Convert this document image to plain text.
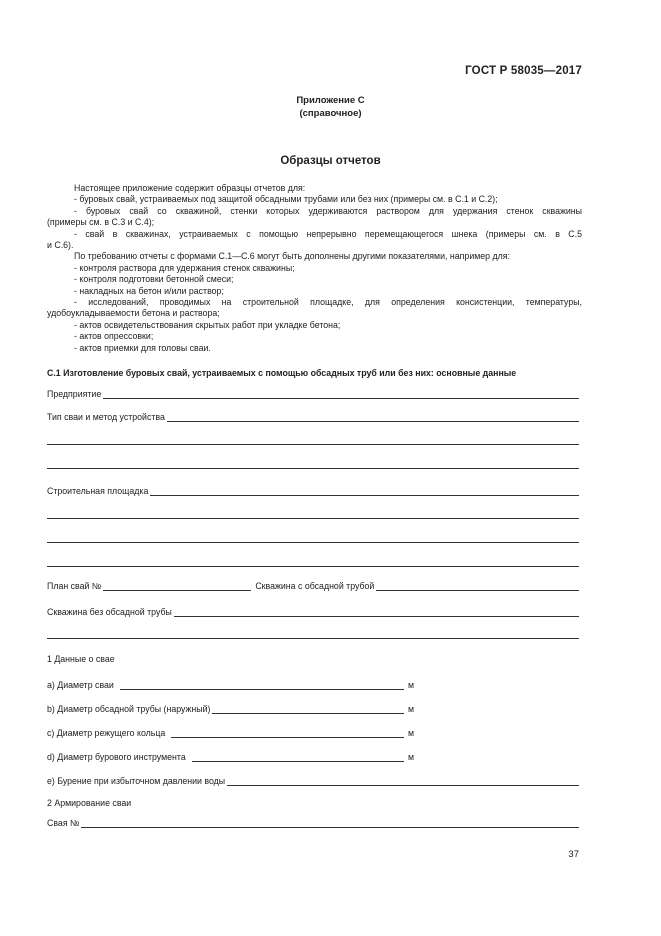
ГОСТ Р 58035—2017
Приложение С
(справочное)
Образцы отчетов
Настоящее приложение содержит образцы отчетов для:
- буровых свай, устраиваемых под защитой обсадными трубами или без них (примеры см. в С.1 и С.2);
- буровых свай со скважиной, стенки которых удерживаются раствором для удержания стенок скважины
(примеры см. в С.3 и С.4);
- свай в скважинах, устраиваемых с помощью непрерывно перемещающегося шнека (примеры см. в С.5
и С.6).
По требованию отчеты с формами С.1—С.6 могут быть дополнены другими показателями, например для:
- контроля раствора для удержания стенок скважины;
- контроля подготовки бетонной смеси;
- накладных на бетон и/или раствор;
- исследований, проводимых на строительной площадке, для определения консистенции, температуры,
удобоукладываемости бетона и раствора;
- актов освидетельствования скрытых работ при укладке бетона;
- актов опрессовки;
- актов приемки для головы сваи.
С.1 Изготовление буровых свай, устраиваемых с помощью обсадных труб или без них: основные данные
Предприятие
Тип сваи и метод устройства
Строительная площадка
План свай №	Скважина с обсадной трубой
Скважина без обсадной трубы
1 Данные о свае
а) Диаметр сваи	м
b) Диаметр обсадной трубы (наружный)	м
c) Диаметр режущего кольца	м
d) Диаметр бурового инструмента	м
e) Бурение при избыточном давлении воды
2 Армирование сваи
Свая №
37
